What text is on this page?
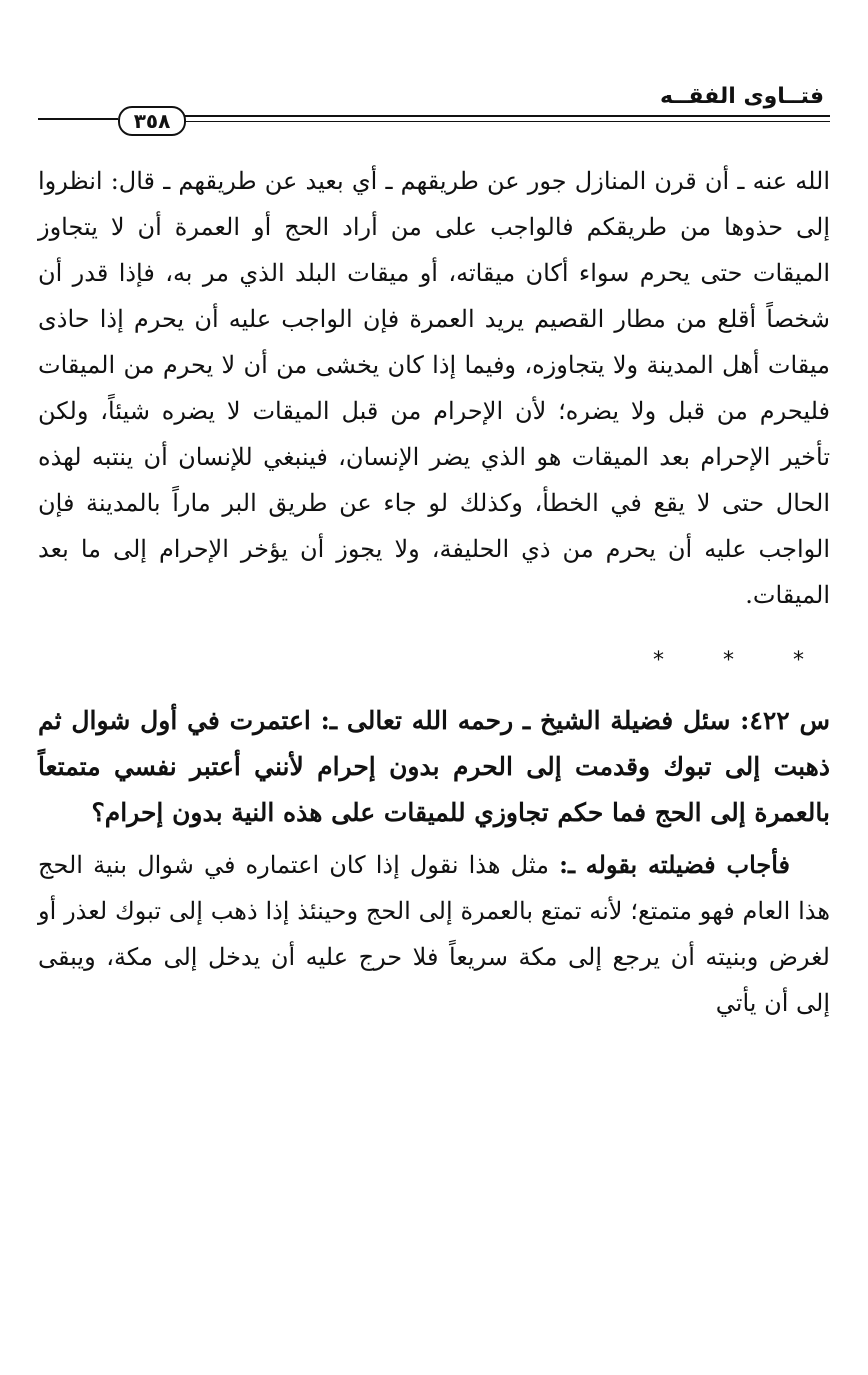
فتــاوى الفقــه
٣٥٨

الله عنه ـ أن قرن المنازل جور عن طريقهم ـ أي بعيد عن طريقهم ـ قال: انظروا إلى حذوها من طريقكم فالواجب على من أراد الحج أو العمرة أن لا يتجاوز الميقات حتى يحرم سواء أكان ميقاته، أو ميقات البلد الذي مر به، فإذا قدر أن شخصاً أقلع من مطار القصيم يريد العمرة فإن الواجب عليه أن يحرم إذا حاذى ميقات أهل المدينة ولا يتجاوزه، وفيما إذا كان يخشى من أن لا يحرم من الميقات فليحرم من قبل ولا يضره؛ لأن الإحرام من قبل الميقات لا يضره شيئاً، ولكن تأخير الإحرام بعد الميقات هو الذي يضر الإنسان، فينبغي للإنسان أن ينتبه لهذه الحال حتى لا يقع في الخطأ، وكذلك لو جاء عن طريق البر ماراً بالمدينة فإن الواجب عليه أن يحرم من ذي الحليفة، ولا يجوز أن يؤخر الإحرام إلى ما بعد الميقات.

* * *

س ٤٢٢: سئل فضيلة الشيخ ـ رحمه الله تعالى ـ: اعتمرت في أول شوال ثم ذهبت إلى تبوك وقدمت إلى الحرم بدون إحرام لأنني أعتبر نفسي متمتعاً بالعمرة إلى الحج فما حكم تجاوزي للميقات على هذه النية بدون إحرام؟

فأجاب فضيلته بقوله ـ: مثل هذا نقول إذا كان اعتماره في شوال بنية الحج هذا العام فهو متمتع؛ لأنه تمتع بالعمرة إلى الحج وحينئذ إذا ذهب إلى تبوك لعذر أو لغرض وبنيته أن يرجع إلى مكة سريعاً فلا حرج عليه أن يدخل إلى مكة، ويبقى إلى أن يأتي
